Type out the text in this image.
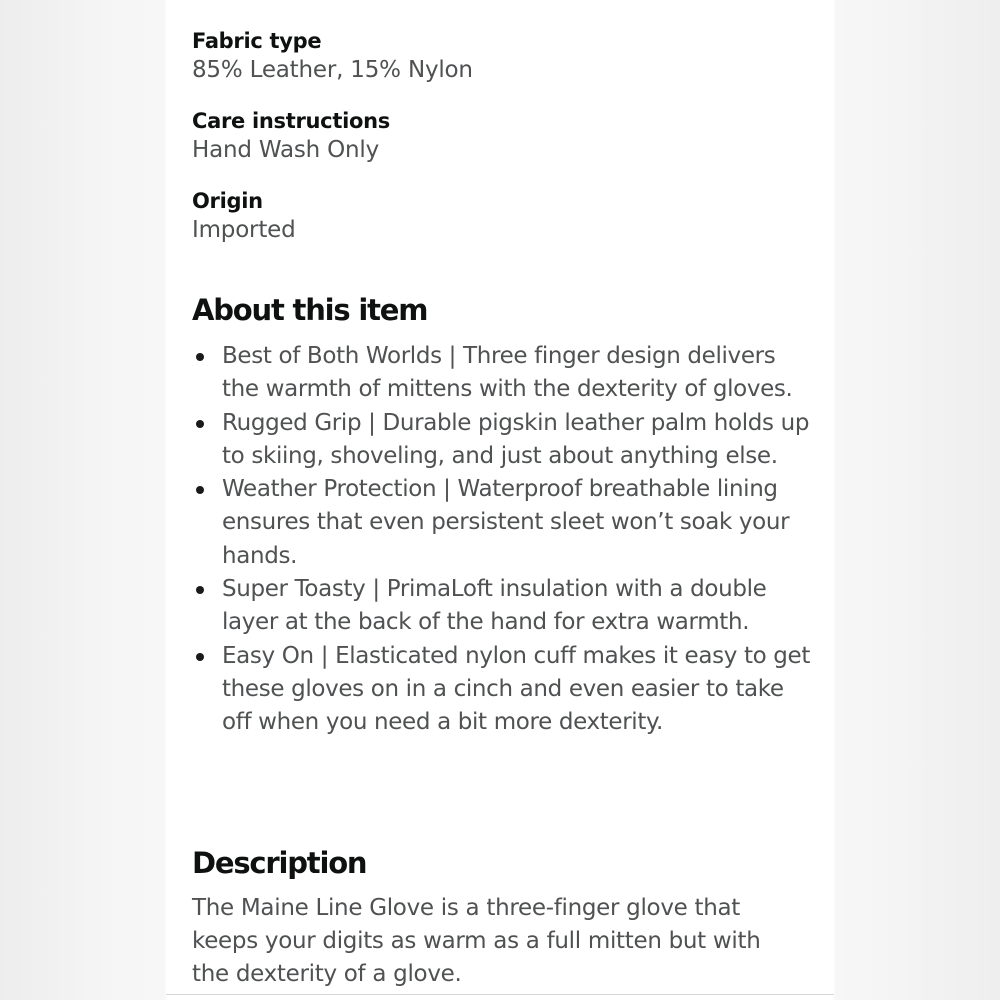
Fabric type
85% Leather, 15% Nylon
Care instructions
Hand Wash Only
Origin
Imported
About this item
Best of Both Worlds | Three finger design delivers the warmth of mittens with the dexterity of gloves.
Rugged Grip | Durable pigskin leather palm holds up to skiing, shoveling, and just about anything else.
Weather Protection | Waterproof breathable lining ensures that even persistent sleet won’t soak your hands.
Super Toasty | PrimaLoft insulation with a double layer at the back of the hand for extra warmth.
Easy On | Elasticated nylon cuff makes it easy to get these gloves on in a cinch and even easier to take off when you need a bit more dexterity.
Description
The Maine Line Glove is a three-finger glove that keeps your digits as warm as a full mitten but with the dexterity of a glove.
